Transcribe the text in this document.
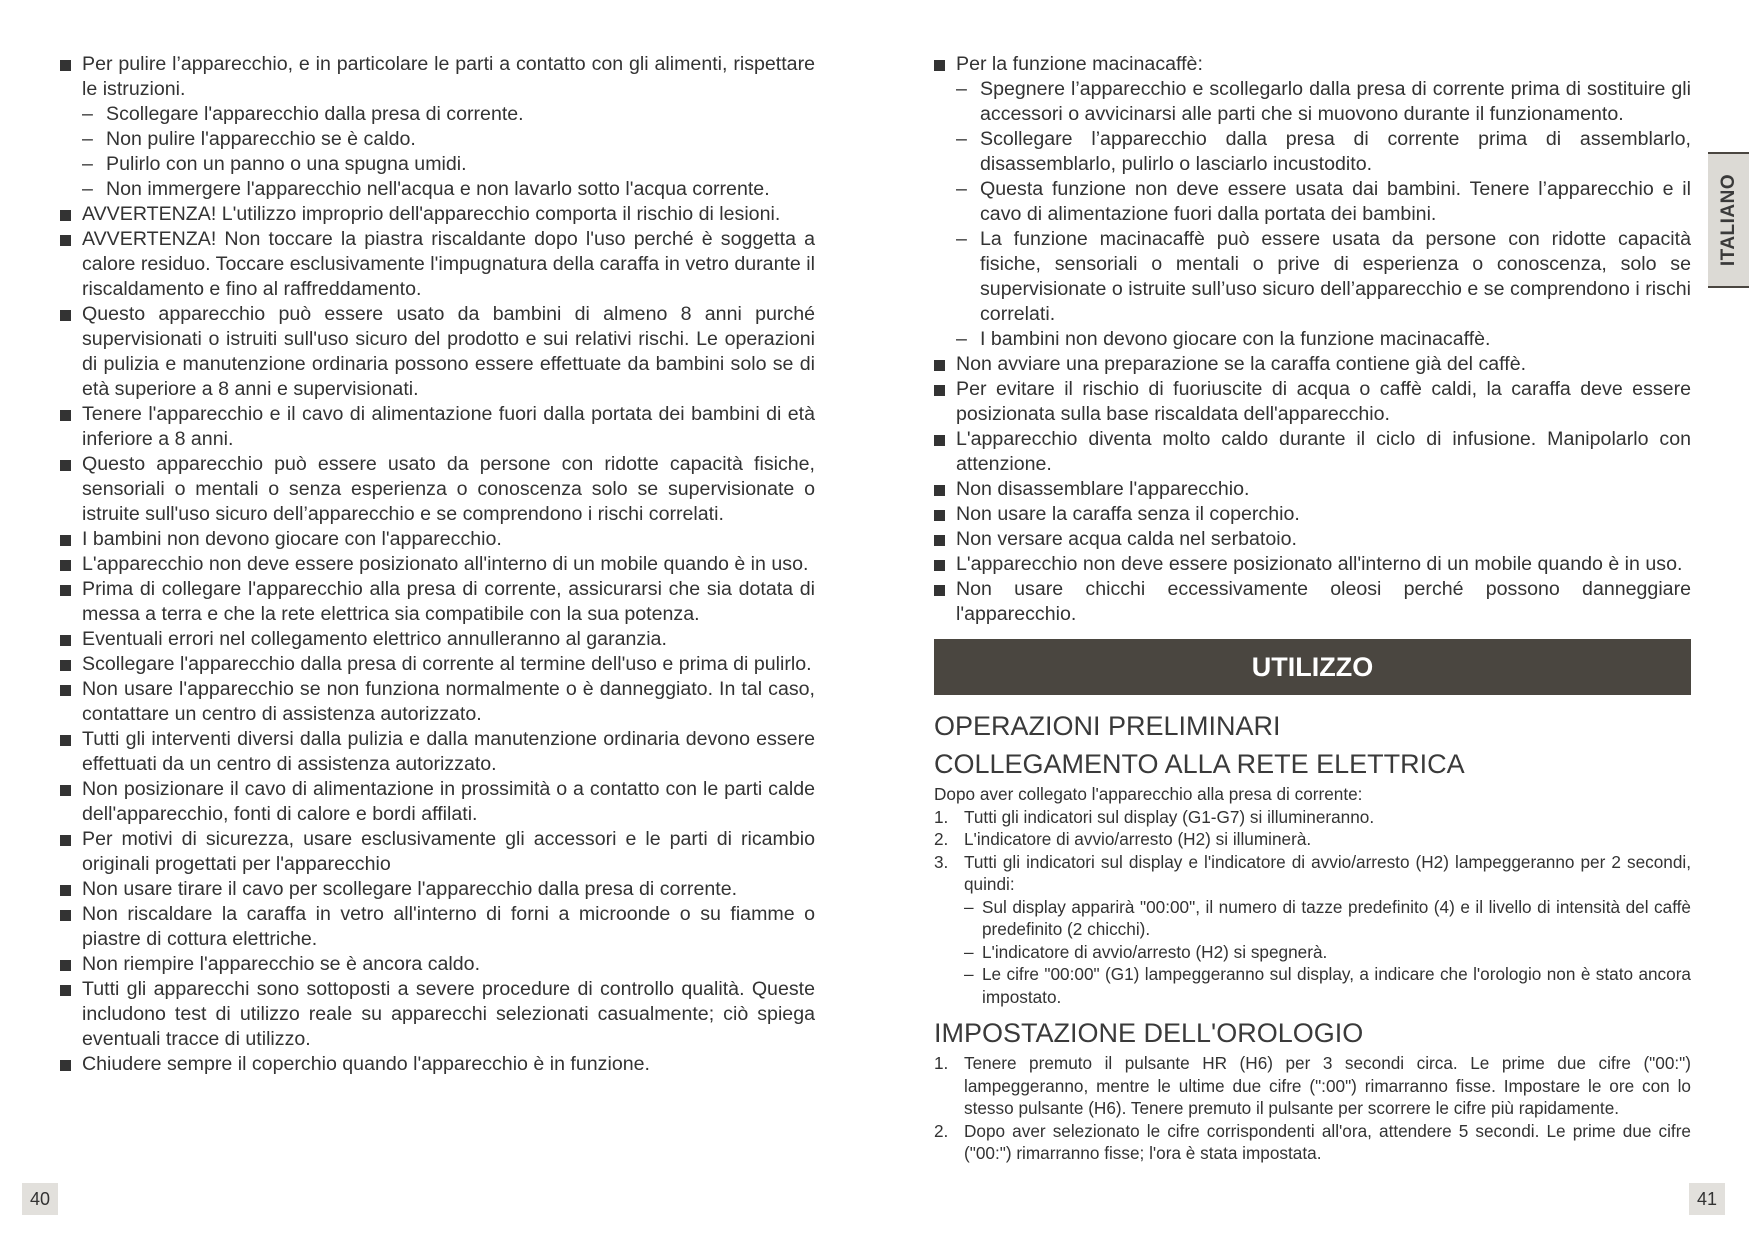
Per pulire l’apparecchio, e in particolare le parti a contatto con gli alimenti, rispettare le istruzioni.
– Scollegare l'apparecchio dalla presa di corrente.
– Non pulire l'apparecchio se è caldo.
– Pulirlo con un panno o una spugna umidi.
– Non immergere l'apparecchio nell'acqua e non lavarlo sotto l'acqua corrente.
AVVERTENZA! L'utilizzo improprio dell'apparecchio comporta il rischio di lesioni.
AVVERTENZA! Non toccare la piastra riscaldante dopo l'uso perché è soggetta a calore residuo. Toccare esclusivamente l'impugnatura della caraffa in vetro durante il riscaldamento e fino al raffreddamento.
Questo apparecchio può essere usato da bambini di almeno 8 anni purché supervisionati o istruiti sull'uso sicuro del prodotto e sui relativi rischi. Le operazioni di pulizia e manutenzione ordinaria possono essere effettuate da bambini solo se di età superiore a 8 anni e supervisionati.
Tenere l'apparecchio e il cavo di alimentazione fuori dalla portata dei bambini di età inferiore a 8 anni.
Questo apparecchio può essere usato da persone con ridotte capacità fisiche, sensoriali o mentali o senza esperienza o conoscenza solo se supervisionate o istruite sull'uso sicuro dell’apparecchio e se comprendono i rischi correlati.
I bambini non devono giocare con l'apparecchio.
L'apparecchio non deve essere posizionato all'interno di un mobile quando è in uso.
Prima di collegare l'apparecchio alla presa di corrente, assicurarsi che sia dotata di messa a terra e che la rete elettrica sia compatibile con la sua potenza.
Eventuali errori nel collegamento elettrico annulleranno al garanzia.
Scollegare l'apparecchio dalla presa di corrente al termine dell'uso e prima di pulirlo.
Non usare l'apparecchio se non funziona normalmente o è danneggiato. In tal caso, contattare un centro di assistenza autorizzato.
Tutti gli interventi diversi dalla pulizia e dalla manutenzione ordinaria devono essere effettuati da un centro di assistenza autorizzato.
Non posizionare il cavo di alimentazione in prossimità o a contatto con le parti calde dell'apparecchio, fonti di calore e bordi affilati.
Per motivi di sicurezza, usare esclusivamente gli accessori e le parti di ricambio originali progettati per l'apparecchio
Non usare tirare il cavo per scollegare l'apparecchio dalla presa di corrente.
Non riscaldare la caraffa in vetro all'interno di forni a microonde o su fiamme o piastre di cottura elettriche.
Non riempire l'apparecchio se è ancora caldo.
Tutti gli apparecchi sono sottoposti a severe procedure di controllo qualità. Queste includono test di utilizzo reale su apparecchi selezionati casualmente; ciò spiega eventuali tracce di utilizzo.
Chiudere sempre il coperchio quando l'apparecchio è in funzione.
Per la funzione macinacaffè:
– Spegnere l’apparecchio e scollegarlo dalla presa di corrente prima di sostituire gli accessori o avvicinarsi alle parti che si muovono durante il funzionamento.
– Scollegare l’apparecchio dalla presa di corrente prima di assemblarlo, disassemblarlo, pulirlo o lasciarlo incustodito.
– Questa funzione non deve essere usata dai bambini. Tenere l’apparecchio e il cavo di alimentazione fuori dalla portata dei bambini.
– La funzione macinacaffè può essere usata da persone con ridotte capacità fisiche, sensoriali o mentali o prive di esperienza o conoscenza, solo se supervisionate o istruite sull’uso sicuro dell’apparecchio e se comprendono i rischi correlati.
– I bambini non devono giocare con la funzione macinacaffè.
Non avviare una preparazione se la caraffa contiene già del caffè.
Per evitare il rischio di fuoriuscite di acqua o caffè caldi, la caraffa deve essere posizionata sulla base riscaldata dell'apparecchio.
L'apparecchio diventa molto caldo durante il ciclo di infusione. Manipolarlo con attenzione.
Non disassemblare l'apparecchio.
Non usare la caraffa senza il coperchio.
Non versare acqua calda nel serbatoio.
L'apparecchio non deve essere posizionato all'interno di un mobile quando è in uso.
Non usare chicchi eccessivamente oleosi perché possono danneggiare l'apparecchio.
UTILIZZO
OPERAZIONI PRELIMINARI
COLLEGAMENTO ALLA RETE ELETTRICA

Dopo aver collegato l'apparecchio alla presa di corrente:

1. Tutti gli indicatori sul display (G1-G7) si illumineranno.
2. L'indicatore di avvio/arresto (H2) si illuminerà.
3. Tutti gli indicatori sul display e l'indicatore di avvio/arresto (H2) lampeggeranno per 2 secondi, quindi:
– Sul display apparirà "00:00", il numero di tazze predefinito (4) e il livello di intensità del caffè predefinito (2 chicchi).
– L'indicatore di avvio/arresto (H2) si spegnerà.
– Le cifre "00:00" (G1) lampeggeranno sul display, a indicare che l'orologio non è stato ancora impostato.
IMPOSTAZIONE DELL'OROLOGIO
1. Tenere premuto il pulsante HR (H6) per 3 secondi circa. Le prime due cifre ("00:") lampeggeranno, mentre le ultime due cifre (":00") rimarranno fisse. Impostare le ore con lo stesso pulsante (H6). Tenere premuto il pulsante per scorrere le cifre più rapidamente.
2. Dopo aver selezionato le cifre corrispondenti all'ora, attendere 5 secondi. Le prime due cifre ("00:") rimarranno fisse; l'ora è stata impostata.
ITALIANO
40	41
